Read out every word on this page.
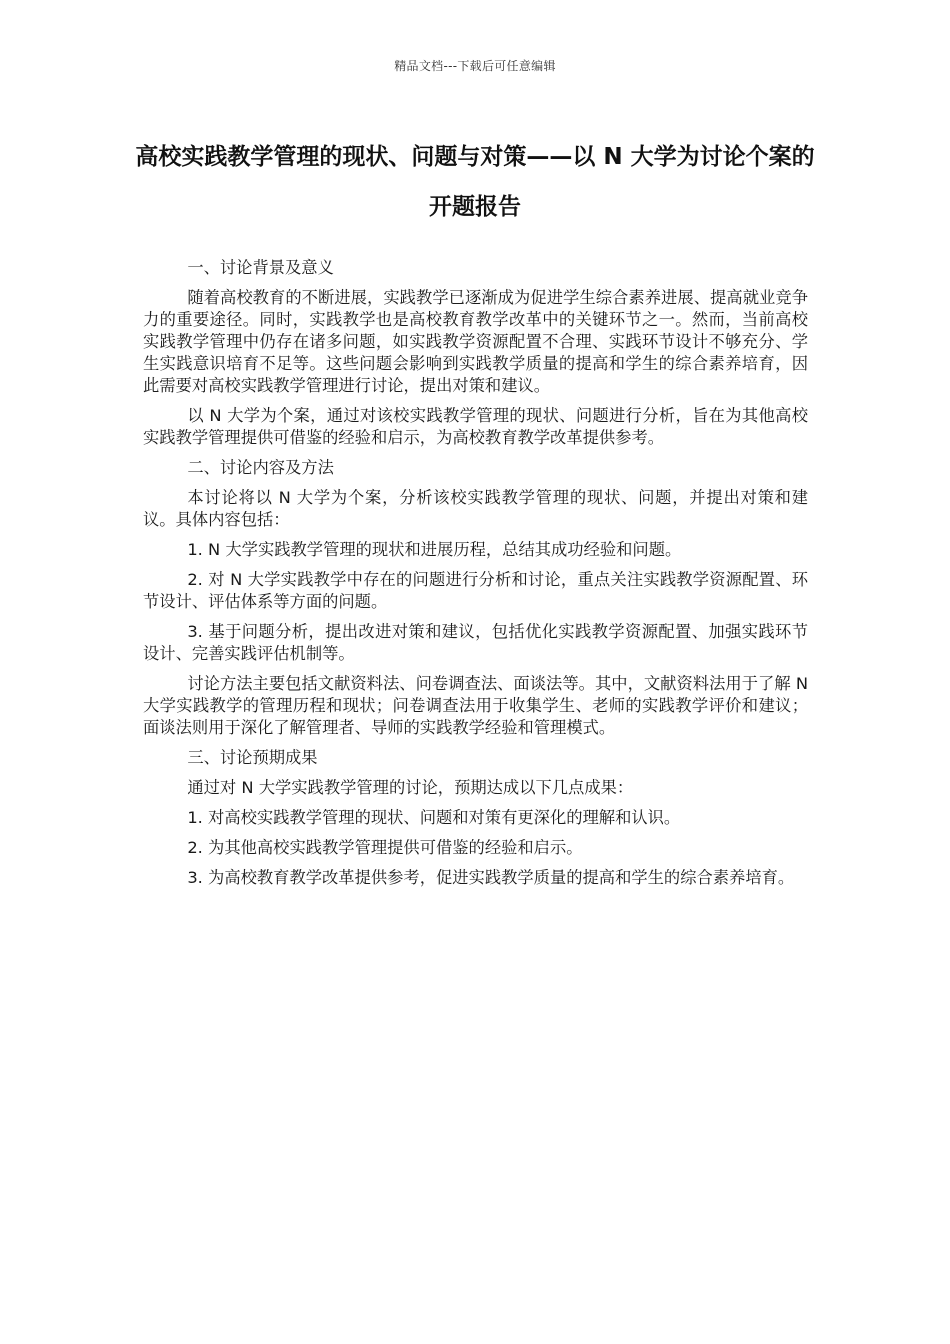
精品文档---下载后可任意编辑
高校实践教学管理的现状、问题与对策——以 N 大学为讨论个案的开题报告

一、讨论背景及意义

随着高校教育的不断进展，实践教学已逐渐成为促进学生综合素养进展、提高就业竞争力的重要途径。同时，实践教学也是高校教育教学改革中的关键环节之一。然而，当前高校实践教学管理中仍存在诸多问题，如实践教学资源配置不合理、实践环节设计不够充分、学生实践意识培育不足等。这些问题会影响到实践教学质量的提高和学生的综合素养培育，因此需要对高校实践教学管理进行讨论，提出对策和建议。

以 N 大学为个案，通过对该校实践教学管理的现状、问题进行分析，旨在为其他高校实践教学管理提供可借鉴的经验和启示，为高校教育教学改革提供参考。

二、讨论内容及方法

本讨论将以 N 大学为个案，分析该校实践教学管理的现状、问题，并提出对策和建议。具体内容包括：

1. N 大学实践教学管理的现状和进展历程，总结其成功经验和问题。

2. 对 N 大学实践教学中存在的问题进行分析和讨论，重点关注实践教学资源配置、环节设计、评估体系等方面的问题。

3. 基于问题分析，提出改进对策和建议，包括优化实践教学资源配置、加强实践环节设计、完善实践评估机制等。

讨论方法主要包括文献资料法、问卷调查法、面谈法等。其中，文献资料法用于了解 N 大学实践教学的管理历程和现状；问卷调查法用于收集学生、老师的实践教学评价和建议；面谈法则用于深化了解管理者、导师的实践教学经验和管理模式。

三、讨论预期成果

通过对 N 大学实践教学管理的讨论，预期达成以下几点成果：

1. 对高校实践教学管理的现状、问题和对策有更深化的理解和认识。

2. 为其他高校实践教学管理提供可借鉴的经验和启示。

3. 为高校教育教学改革提供参考，促进实践教学质量的提高和学生的综合素养培育。
